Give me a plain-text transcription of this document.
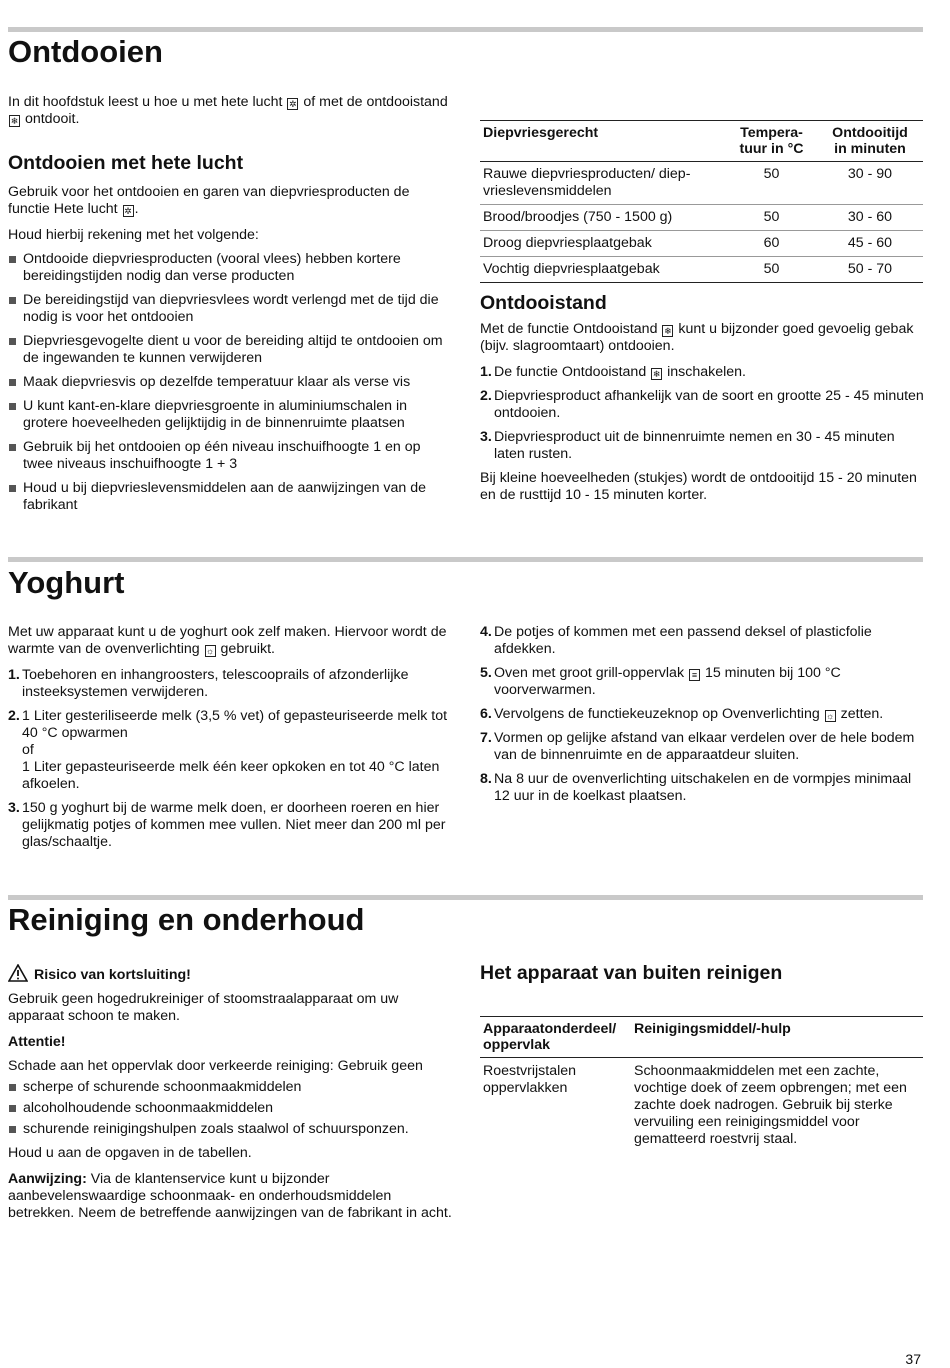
Ontdooien

In dit hoofdstuk leest u hoe u met hete lucht ✲ of met de ontdooistand ❄ ontdooit.

Ontdooien met hete lucht

Gebruik voor het ontdooien en garen van diepvriesproducten de functie Hete lucht ✲ .

Houd hierbij rekening met het volgende:

Ontdooide diepvriesproducten (vooral vlees) hebben kortere bereidingstijden nodig dan verse producten
De bereidingstijd van diepvriesvlees wordt verlengd met de tijd die nodig is voor het ontdooien
Diepvriesgevogelte dient u voor de bereiding altijd te ontdooien om de ingewanden te kunnen verwijderen
Maak diepvriesvis op dezelfde temperatuur klaar als verse vis
U kunt kant-en-klare diepvriesgroente in aluminiumschalen in grotere hoeveelheden gelijktijdig in de binnenruimte plaatsen
Gebruik bij het ontdooien op één niveau inschuifhoogte 1 en op twee niveaus inschuifhoogte 1 + 3
Houd u bij diepvrieslevensmiddelen aan de aanwijzingen van de fabrikant
Diepvriesgerecht	Tempera-
tuur in °C	Ontdooitijd
in minuten
Rauwe diepvriesproducten/ diep-
vrieslevensmiddelen	50	30 - 90
Brood/broodjes (750 - 1500 g)	50	30 - 60
Droog diepvriesplaatgebak	60	45 - 60
Vochtig diepvriesplaatgebak	50	50 - 70
Ontdooistand

Met de functie Ontdooistand ❄ kunt u bijzonder goed gevoelig gebak (bijv. slagroomtaart) ontdooien.

1. De functie Ontdooistand ❄ inschakelen.
2. Diepvriesproduct afhankelijk van de soort en grootte 25 - 45 minuten ontdooien.
3. Diepvriesproduct uit de binnenruimte nemen en 30 - 45 minuten laten rusten.

Bij kleine hoeveelheden (stukjes) wordt de ontdooitijd 15 - 20 minuten en de rusttijd 10 - 15 minuten korter.

Yoghurt

Met uw apparaat kunt u de yoghurt ook zelf maken. Hiervoor wordt de warmte van de ovenverlichting ☼ gebruikt.

1. Toebehoren en inhangroosters, telescooprails of afzonderlijke insteeksystemen verwijderen.
2. 1 Liter gesteriliseerde melk (3,5 % vet) of gepasteuriseerde melk tot 40 °C opwarmen
of
1 Liter gepasteuriseerde melk één keer opkoken en tot 40 °C laten afkoelen.
3. 150 g yoghurt bij de warme melk doen, er doorheen roeren en hier gelijkmatig potjes of kommen mee vullen. Niet meer dan 200 ml per glas/schaaltje.
4. De potjes of kommen met een passend deksel of plasticfolie afdekken.
5. Oven met groot grill-oppervlak ≡ 15 minuten bij 100 °C voorverwarmen.
6. Vervolgens de functiekeuzeknop op Ovenverlichting ☼ zetten.
7. Vormen op gelijke afstand van elkaar verdelen over de hele bodem van de binnenruimte en de apparaatdeur sluiten.
8. Na 8 uur de ovenverlichting uitschakelen en de vormpjes minimaal 12 uur in de koelkast plaatsen.
Reiniging en onderhoud

Risico van kortsluiting!

Gebruik geen hogedrukreiniger of stoomstraalapparaat om uw apparaat schoon te maken.

Attentie!

Schade aan het oppervlak door verkeerde reiniging: Gebruik geen

scherpe of schurende schoonmaakmiddelen
alcoholhoudende schoonmaakmiddelen
schurende reinigingshulpen zoals staalwol of schuursponzen.

Houd u aan de opgaven in de tabellen.

Aanwijzing: Via de klantenservice kunt u bijzonder aanbevelenswaardige schoonmaak- en onderhoudsmiddelen betrekken. Neem de betreffende aanwijzingen van de fabrikant in acht.

Het apparaat van buiten reinigen
Apparaatonderdeel/
oppervlak	Reinigingsmiddel/-hulp
Roestvrijstalen
oppervlakken	Schoonmaakmiddelen met een zachte, vochtige doek of zeem opbrengen; met een zachte doek nadrogen. Gebruik bij sterke vervuiling een reinigingsmiddel voor gematteerd roestvrij staal.
37
